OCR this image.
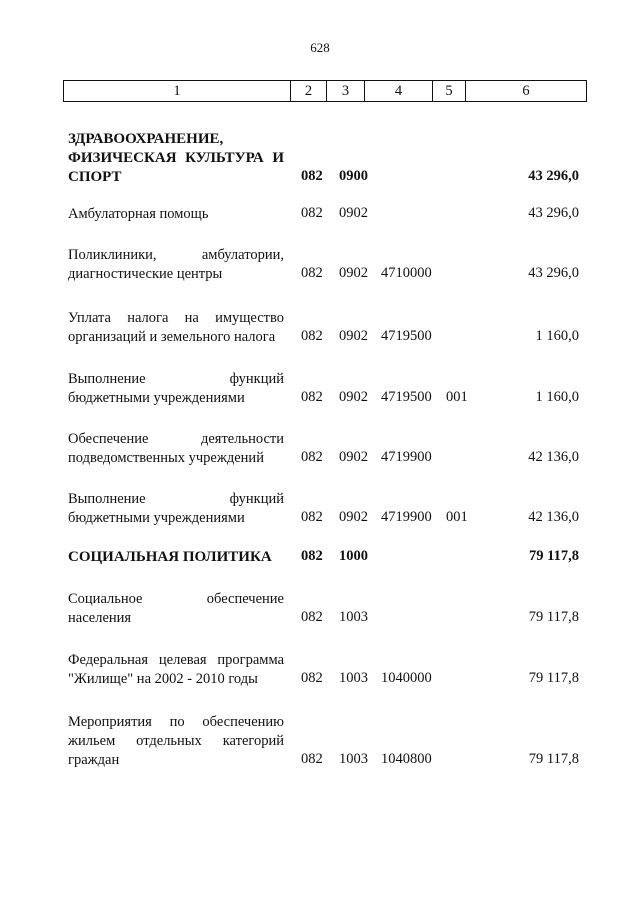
628
1	2	3	4	5	6
ЗДРАВООХРАНЕНИЕ, ФИЗИЧЕСКАЯ КУЛЬТУРА И СПОРТ	082 0900	43 296,0
Амбулаторная помощь	082 0902	43 296,0
Поликлиники, амбулатории, диагностические центры	082 0902 4710000	43 296,0
Уплата налога на имущество организаций и земельного налога	082 0902 4719500	1 160,0
Выполнение функций бюджетными учреждениями	082 0902 4719500 001	1 160,0
Обеспечение деятельности подведомственных учреждений	082 0902 4719900	42 136,0
Выполнение функций бюджетными учреждениями	082 0902 4719900 001	42 136,0
СОЦИАЛЬНАЯ ПОЛИТИКА	082 1000	79 117,8
Социальное обеспечение населения	082 1003	79 117,8
Федеральная целевая программа "Жилище" на 2002 - 2010 годы	082 1003 1040000	79 117,8
Мероприятия по обеспечению жильем отдельных категорий граждан	082 1003 1040800	79 117,8
